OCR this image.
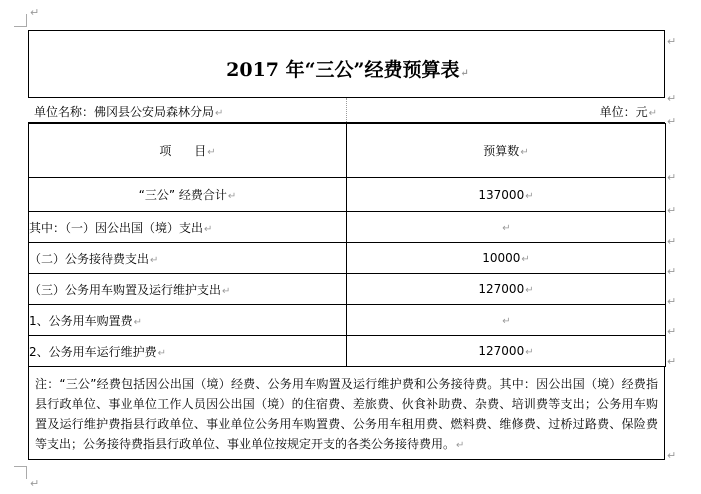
↵
↵
2017 年“三公”经费预算表↵
单位名称：佛冈县公安局森林分局↵	单位：元↵
项      目↵	预算数↵

“三公” 经费合计↵	137000↵

其中：（一）因公出国（境）支出↵	↵

（二）公务接待费支出↵	10000↵

（三）公务用车购置及运行维护支出↵	127000↵

1、公务用车购置费↵	↵

2、公务用车运行维护费↵	127000↵
注：“三公”经费包括因公出国（境）经费、公务用车购置及运行维护费和公务接待费。其中：因公出国（境）经费指县行政单位、事业单位工作人员因公出国（境）的住宿费、差旅费、伙食补助费、杂费、培训费等支出；公务用车购置及运行维护费指县行政单位、事业单位公务用车购置费、公务用车租用费、燃料费、维修费、过桥过路费、保险费等支出；公务接待费指县行政单位、事业单位按规定开支的各类公务接待费用。↵
↵
↵
↵
↵
↵
↵
↵
↵
↵
↵
↵
